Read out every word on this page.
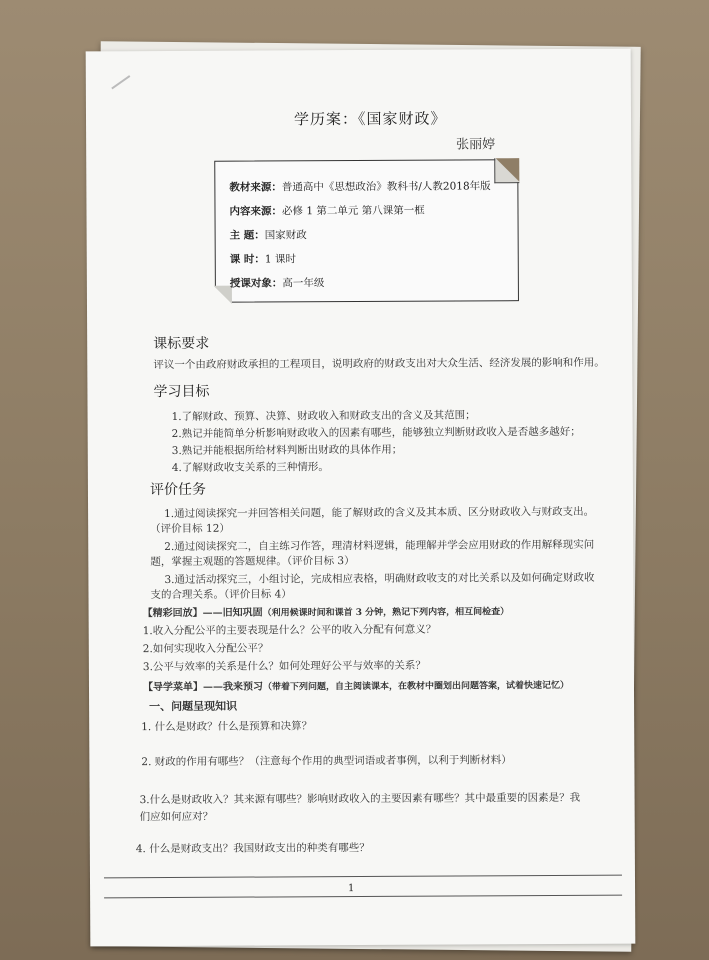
学历案：《国家财政》
张丽婷
教材来源：普通高中《思想政治》教科书/人教2018年版
内容来源：必修 1 第二单元 第八课第一框
主 题：国家财政
课 时：1 课时
授课对象：高一年级
课标要求
评议一个由政府财政承担的工程项目，说明政府的财政支出对大众生活、经济发展的影响和作用。
学习目标
1.了解财政、预算、决算、财政收入和财政支出的含义及其范围；
2.熟记并能简单分析影响财政收入的因素有哪些，能够独立判断财政收入是否越多越好；
3.熟记并能根据所给材料判断出财政的具体作用；
4.了解财政收支关系的三种情形。
评价任务
1.通过阅读探究一并回答相关问题，能了解财政的含义及其本质、区分财政收入与财政支出。
（评价目标 12）
2.通过阅读探究二，自主练习作答，理清材料逻辑，能理解并学会应用财政的作用解释现实问
题，掌握主观题的答题规律。（评价目标 3）
3.通过活动探究三，小组讨论，完成相应表格，明确财政收支的对比关系以及如何确定财政收
支的合理关系。（评价目标 4）
【精彩回放】——旧知巩固（利用候课时间和课首 3 分钟，熟记下列内容，相互间检查）
1.收入分配公平的主要表现是什么？公平的收入分配有何意义？
2.如何实现收入分配公平？
3.公平与效率的关系是什么？如何处理好公平与效率的关系？
【导学菜单】——我来预习（带着下列问题，自主阅读课本，在教材中圈划出问题答案，试着快速记忆）
一、问题呈现知识
1. 什么是财政？什么是预算和决算？
2. 财政的作用有哪些？（注意每个作用的典型词语或者事例，以利于判断材料）
3.什么是财政收入？其来源有哪些？影响财政收入的主要因素有哪些？其中最重要的因素是？我
们应如何应对？
4. 什么是财政支出？我国财政支出的种类有哪些？
1
